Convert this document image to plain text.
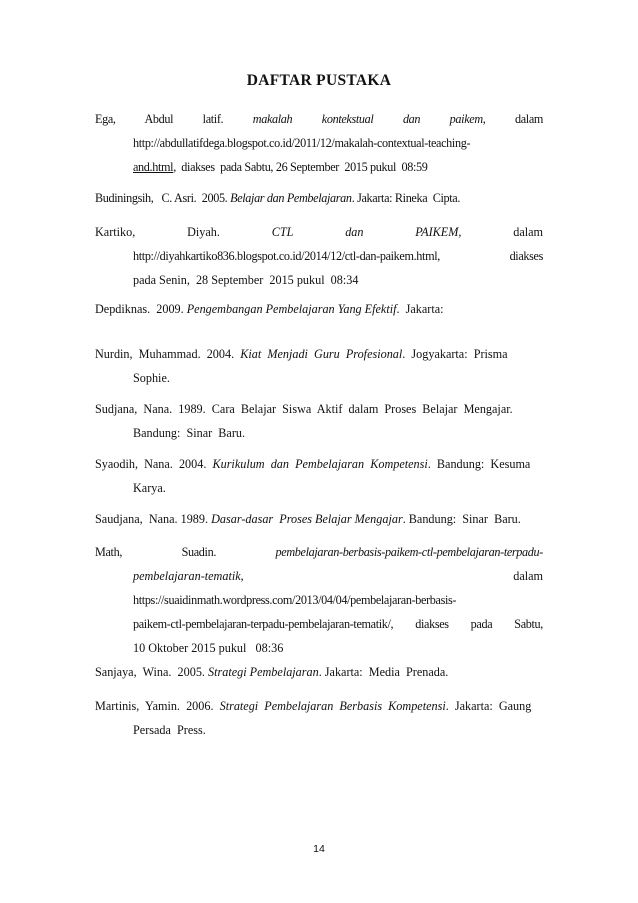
DAFTAR PUSTAKA
Ega, Abdul latif. makalah kontekstual dan paikem, dalam
http://abdullatifdega.blogspot.co.id/2011/12/makalah-contextual-teaching-
and.html,  diakses  pada Sabtu, 26 September  2015 pukul  08:59
Budiningsih,   C. Asri.  2005. Belajar dan Pembelajaran. Jakarta: Rineka  Cipta.
Kartiko,	Diyah.	CTL	dan	PAIKEM,	dalam
http://diyahkartiko836.blogspot.co.id/2014/12/ctl-dan-paikem.html,	diakses
pada Senin,  28 September  2015 pukul  08:34
Depdiknas.  2009. Pengembangan Pembelajaran Yang Efektif.  Jakarta:
Nurdin,  Muhammad.  2004.  Kiat  Menjadi  Guru  Profesional.  Jogyakarta:  Prisma
Sophie.
Sudjana,  Nana.  1989.  Cara  Belajar  Siswa  Aktif  dalam  Proses  Belajar  Mengajar.
Bandung:  Sinar  Baru.
Syaodih,  Nana.  2004.  Kurikulum  dan  Pembelajaran  Kompetensi.  Bandung:  Kesuma
Karya.
Saudjana,  Nana. 1989. Dasar-dasar  Proses Belajar Mengajar. Bandung:  Sinar  Baru.
Math,	Suadin.	pembelajaran-berbasis-paikem-ctl-pembelajaran-terpadu-
pembelajaran-tematik,	dalam
https://suaidinmath.wordpress.com/2013/04/04/pembelajaran-berbasis-
paikem-ctl-pembelajaran-terpadu-pembelajaran-tematik/, diakses pada Sabtu,
10 Oktober 2015 pukul   08:36
Sanjaya,  Wina.  2005. Strategi Pembelajaran. Jakarta:  Media  Prenada.
Martinis,  Yamin.  2006.  Strategi  Pembelajaran  Berbasis  Kompetensi.  Jakarta:  Gaung
Persada  Press.
14
